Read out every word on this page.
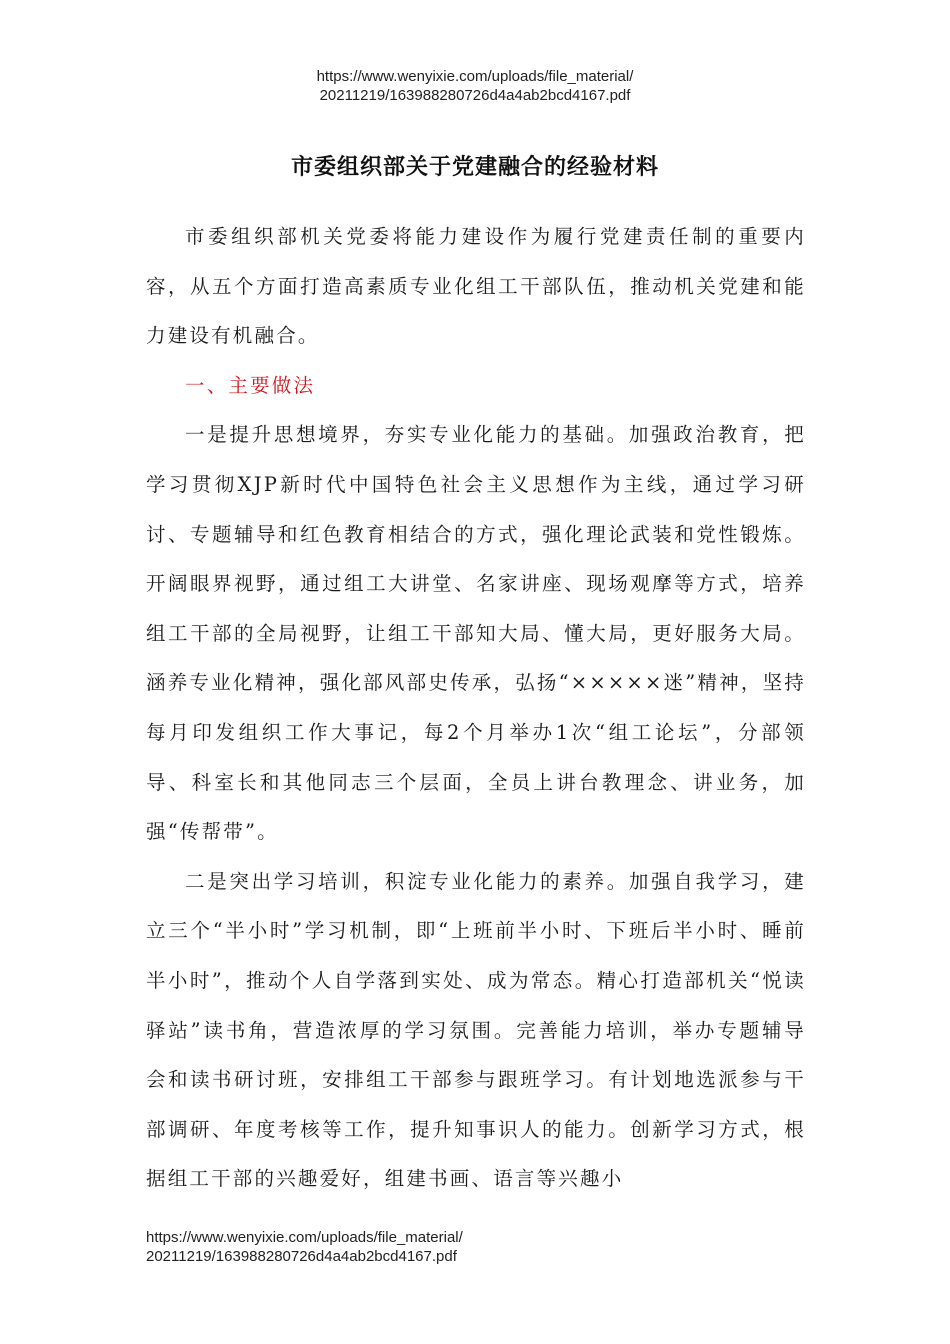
https://www.wenyixie.com/uploads/file_material/
20211219/163988280726d4a4ab2bcd4167.pdf
市委组织部关于党建融合的经验材料

市委组织部机关党委将能力建设作为履行党建责任制的重要内容，从五个方面打造高素质专业化组工干部队伍，推动机关党建和能力建设有机融合。

一、主要做法

一是提升思想境界，夯实专业化能力的基础。加强政治教育，把学习贯彻XJP新时代中国特色社会主义思想作为主线，通过学习研讨、专题辅导和红色教育相结合的方式，强化理论武装和党性锻炼。开阔眼界视野，通过组工大讲堂、名家讲座、现场观摩等方式，培养组工干部的全局视野，让组工干部知大局、懂大局，更好服务大局。涵养专业化精神，强化部风部史传承，弘扬“×××××迷”精神，坚持每月印发组织工作大事记，每2个月举办1次“组工论坛”，分部领导、科室长和其他同志三个层面，全员上讲台教理念、讲业务，加强“传帮带”。

二是突出学习培训，积淀专业化能力的素养。加强自我学习，建立三个“半小时”学习机制，即“上班前半小时、下班后半小时、睡前半小时”，推动个人自学落到实处、成为常态。精心打造部机关“悦读驿站”读书角，营造浓厚的学习氛围。完善能力培训，举办专题辅导会和读书研讨班，安排组工干部参与跟班学习。有计划地选派参与干部调研、年度考核等工作，提升知事识人的能力。创新学习方式，根据组工干部的兴趣爱好，组建书画、语言等兴趣小

https://www.wenyixie.com/uploads/file_material/
20211219/163988280726d4a4ab2bcd4167.pdf
